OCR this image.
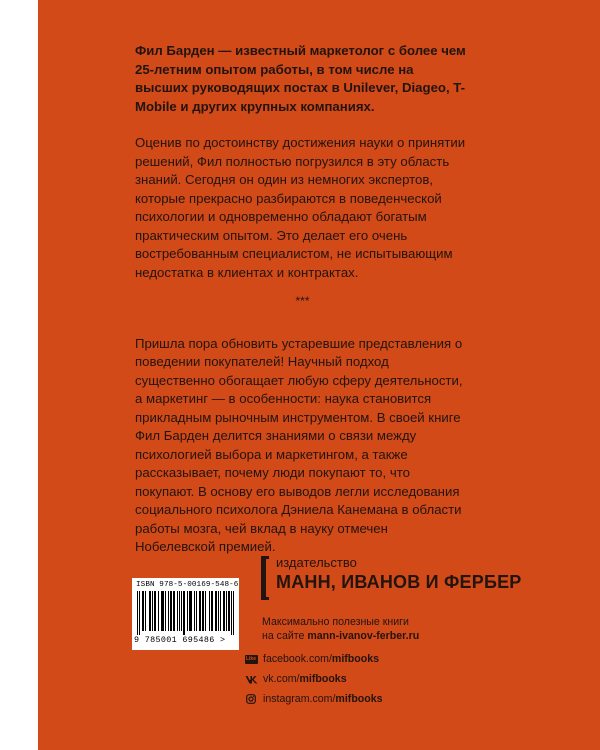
Фил Барден — известный маркетолог с более чем 25-летним опытом работы, в том числе на высших руководящих постах в Unilever, Diageo, T-Mobile и других крупных компаниях.

Оценив по достоинству достижения науки о принятии решений, Фил полностью погрузился в эту область знаний. Сегодня он один из немногих экспертов, которые прекрасно разбираются в поведенческой психологии и одновременно обладают богатым практическим опытом. Это делает его очень востребованным специалистом, не испытывающим недостатка в клиентах и контрактах.

***

Пришла пора обновить устаревшие представления о поведении покупателей! Научный подход существенно обогащает любую сферу деятельности, а маркетинг — в особенности: наука становится прикладным рыночным инструментом. В своей книге Фил Барден делится знаниями о связи между психологией выбора и маркетингом, а также рассказывает, почему люди покупают то, что покупают. В основу его выводов легли исследования социального психолога Дэниела Канемана в области работы мозга, чей вклад в науку отмечен Нобелевской премией.

ISBN 978-5-00169-548-6
9 785001 695486 >
издательство
МАНН, ИВАНОВ И ФЕРБЕР
Максимально полезные книги
на сайте mann-ivanov-ferber.ru
Like facebook.com/ mifbooks
vk.com/ mifbooks
instagram.com/ mifbooks
